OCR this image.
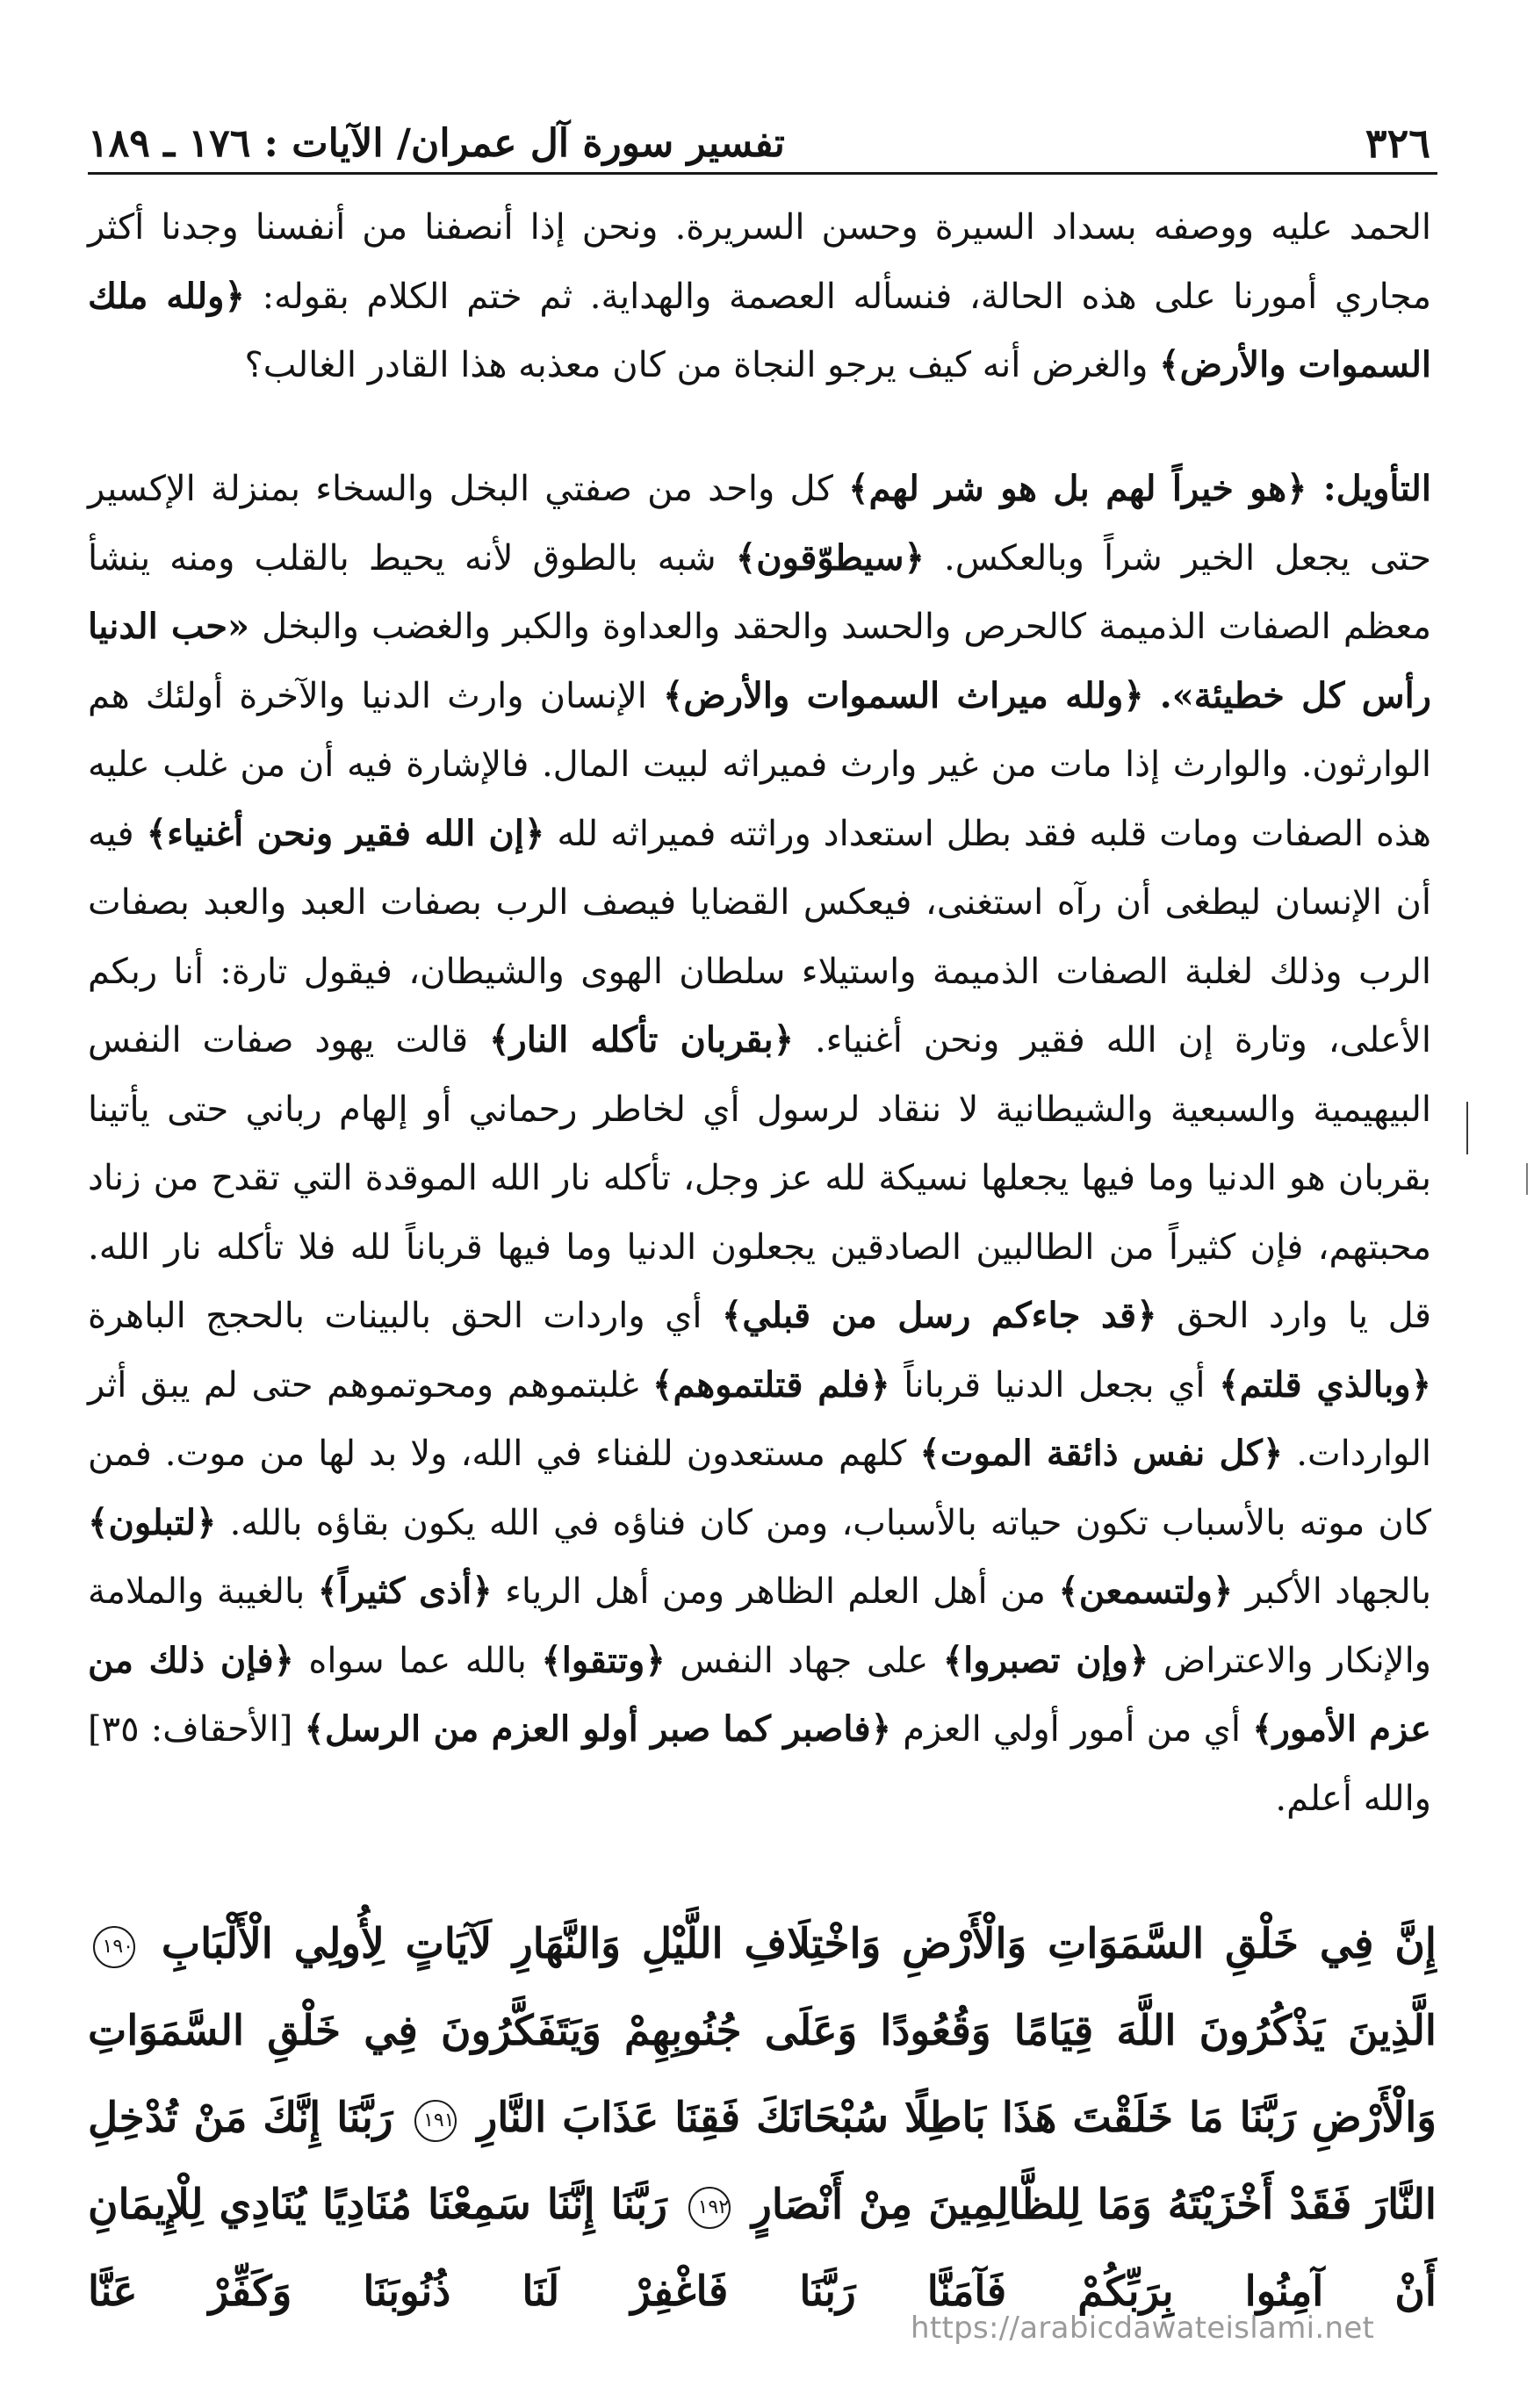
٣٢٦
تفسير سورة آل عمران/ الآيات : ١٧٦ ـ ١٨٩
الحمد عليه ووصفه بسداد السيرة وحسن السريرة. ونحن إذا أنصفنا من أنفسنا وجدنا أكثر مجاري أمورنا على هذه الحالة، فنسأله العصمة والهداية. ثم ختم الكلام بقوله: ﴿ولله ملك السموات والأرض﴾ والغرض أنه كيف يرجو النجاة من كان معذبه هذا القادر الغالب؟
التأويل: ﴿هو خيراً لهم بل هو شر لهم﴾ كل واحد من صفتي البخل والسخاء بمنزلة الإكسير حتى يجعل الخير شراً وبالعكس. ﴿سيطوّقون﴾ شبه بالطوق لأنه يحيط بالقلب ومنه ينشأ معظم الصفات الذميمة كالحرص والحسد والحقد والعداوة والكبر والغضب والبخل «حب الدنيا رأس كل خطيئة». ﴿ولله ميراث السموات والأرض﴾ الإنسان وارث الدنيا والآخرة أولئك هم الوارثون. والوارث إذا مات من غير وارث فميراثه لبيت المال. فالإشارة فيه أن من غلب عليه هذه الصفات ومات قلبه فقد بطل استعداد وراثته فميراثه لله ﴿إن الله فقير ونحن أغنياء﴾ فيه أن الإنسان ليطغى أن رآه استغنى، فيعكس القضايا فيصف الرب بصفات العبد والعبد بصفات الرب وذلك لغلبة الصفات الذميمة واستيلاء سلطان الهوى والشيطان، فيقول تارة: أنا ربكم الأعلى، وتارة إن الله فقير ونحن أغنياء. ﴿بقربان تأكله النار﴾ قالت يهود صفات النفس البيهيمية والسبعية والشيطانية لا ننقاد لرسول أي لخاطر رحماني أو إلهام رباني حتى يأتينا بقربان هو الدنيا وما فيها يجعلها نسيكة لله عز وجل، تأكله نار الله الموقدة التي تقدح من زناد محبتهم، فإن كثيراً من الطالبين الصادقين يجعلون الدنيا وما فيها قرباناً لله فلا تأكله نار الله. قل يا وارد الحق ﴿قد جاءكم رسل من قبلي﴾ أي واردات الحق بالبينات بالحجج الباهرة ﴿وبالذي قلتم﴾ أي بجعل الدنيا قرباناً ﴿فلم قتلتموهم﴾ غلبتموهم ومحوتموهم حتى لم يبق أثر الواردات. ﴿كل نفس ذائقة الموت﴾ كلهم مستعدون للفناء في الله، ولا بد لها من موت. فمن كان موته بالأسباب تكون حياته بالأسباب، ومن كان فناؤه في الله يكون بقاؤه بالله. ﴿لتبلون﴾ بالجهاد الأكبر ﴿ولتسمعن﴾ من أهل العلم الظاهر ومن أهل الرياء ﴿أذى كثيراً﴾ بالغيبة والملامة والإنكار والاعتراض ﴿وإن تصبروا﴾ على جهاد النفس ﴿وتتقوا﴾ بالله عما سواه ﴿فإن ذلك من عزم الأمور﴾ أي من أمور أولي العزم ﴿فاصبر كما صبر أولو العزم من الرسل﴾ [الأحقاف: ٣٥] والله أعلم.
إِنَّ فِي خَلْقِ السَّمَوَاتِ وَالْأَرْضِ وَاخْتِلَافِ اللَّيْلِ وَالنَّهَارِ لَآيَاتٍ لِأُولِي الْأَلْبَابِ ١٩٠ الَّذِينَ يَذْكُرُونَ اللَّهَ قِيَامًا وَقُعُودًا وَعَلَى جُنُوبِهِمْ وَيَتَفَكَّرُونَ فِي خَلْقِ السَّمَوَاتِ وَالْأَرْضِ رَبَّنَا مَا خَلَقْتَ هَذَا بَاطِلًا سُبْحَانَكَ فَقِنَا عَذَابَ النَّارِ ١٩١ رَبَّنَا إِنَّكَ مَنْ تُدْخِلِ النَّارَ فَقَدْ أَخْزَيْتَهُ وَمَا لِلظَّالِمِينَ مِنْ أَنْصَارٍ ١٩٢ رَبَّنَا إِنَّنَا سَمِعْنَا مُنَادِيًا يُنَادِي لِلْإِيمَانِ أَنْ آمِنُوا بِرَبِّكُمْ فَآمَنَّا رَبَّنَا فَاغْفِرْ لَنَا ذُنُوبَنَا وَكَفِّرْ عَنَّا
https://arabicdawateislami.net
